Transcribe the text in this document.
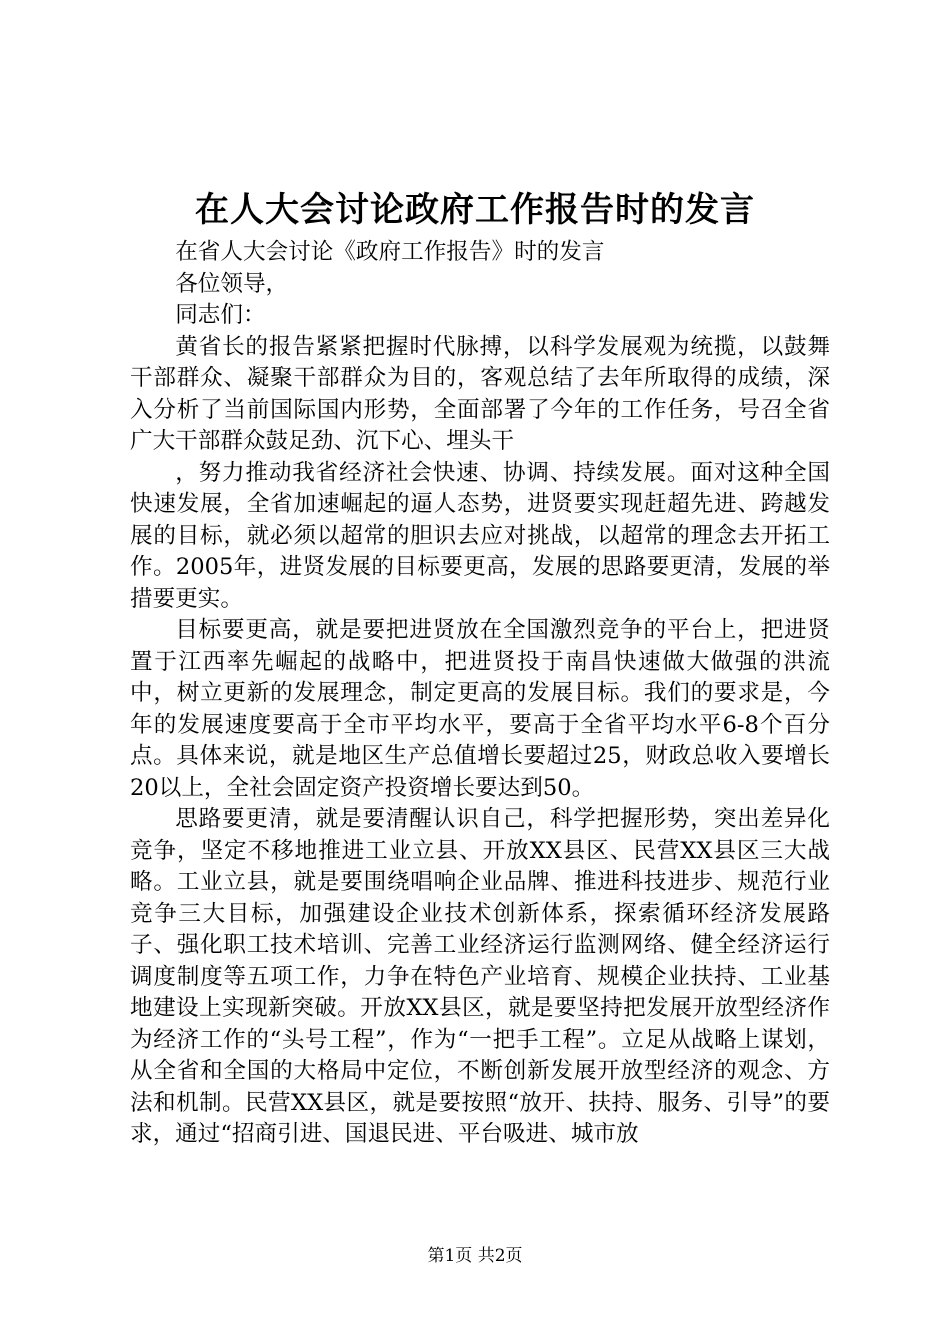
在人大会讨论政府工作报告时的发言

在省人大会讨论《政府工作报告》时的发言

各位领导，

同志们：

黄省长的报告紧紧把握时代脉搏，以科学发展观为统揽，以鼓舞干部群众、凝聚干部群众为目的，客观总结了去年所取得的成绩，深入分析了当前国际国内形势，全面部署了今年的工作任务，号召全省广大干部群众鼓足劲、沉下心、埋头干

，努力推动我省经济社会快速、协调、持续发展。面对这种全国快速发展，全省加速崛起的逼人态势，进贤要实现赶超先进、跨越发展的目标，就必须以超常的胆识去应对挑战，以超常的理念去开拓工作。2005年，进贤发展的目标要更高，发展的思路要更清，发展的举措要更实。

目标要更高，就是要把进贤放在全国激烈竞争的平台上，把进贤置于江西率先崛起的战略中，把进贤投于南昌快速做大做强的洪流中，树立更新的发展理念，制定更高的发展目标。我们的要求是，今年的发展速度要高于全市平均水平，要高于全省平均水平6-8个百分点。具体来说，就是地区生产总值增长要超过25，财政总收入要增长20以上，全社会固定资产投资增长要达到50。

思路要更清，就是要清醒认识自己，科学把握形势，突出差异化竞争，坚定不移地推进工业立县、开放XX县区、民营XX县区三大战略。工业立县，就是要围绕唱响企业品牌、推进科技进步、规范行业竞争三大目标，加强建设企业技术创新体系，探索循环经济发展路子、强化职工技术培训、完善工业经济运行监测网络、健全经济运行调度制度等五项工作，力争在特色产业培育、规模企业扶持、工业基地建设上实现新突破。开放XX县区，就是要坚持把发展开放型经济作为经济工作的“头号工程”，作为“一把手工程”。立足从战略上谋划，从全省和全国的大格局中定位，不断创新发展开放型经济的观念、方法和机制。民营XX县区，就是要按照“放开、扶持、服务、引导”的要求，通过“招商引进、国退民进、平台吸进、城市放

第1页 共2页
